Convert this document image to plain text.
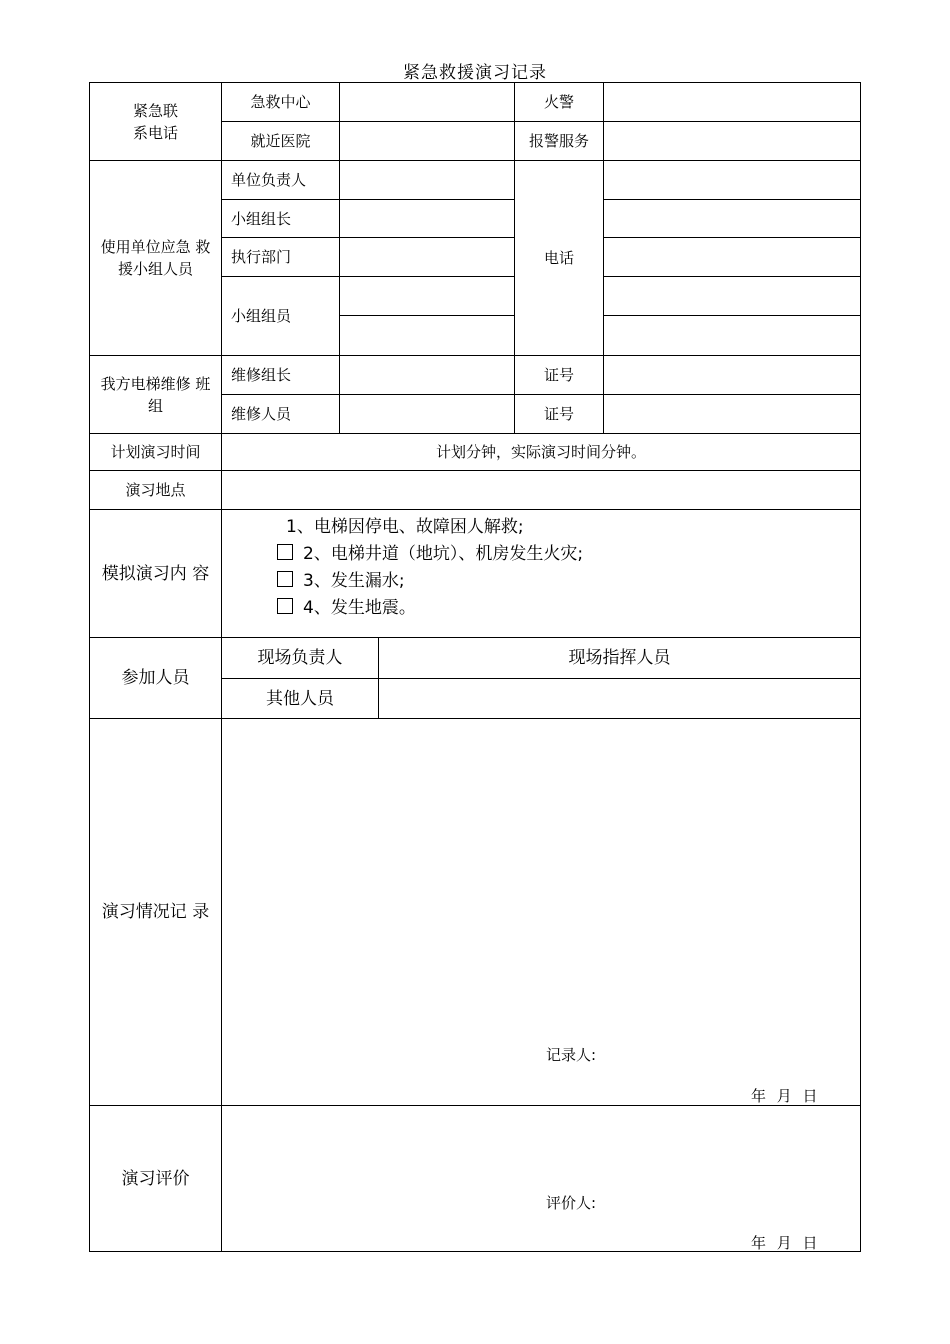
紧急救援演习记录
紧急联
系电话
急救中心	火警
就近医院	报警服务
使用单位应急 救
援小组人员
单位负责人
小组组长
执行部门
小组组员
电话
我方电梯维修 班
组
维修组长	证号
维修人员	证号
计划演习时间	计划分钟，实际演习时间分钟。
演习地点
模拟演习内 容
1、电梯因停电、故障困人解救;
2、电梯井道（地坑）、机房发生火灾;
3、发生漏水;
4、发生地震。
参加人员
现场负责人	现场指挥人员
其他人员
演习情况记 录
记录人:
年 月 日
演习评价
评价人:
年 月 日
